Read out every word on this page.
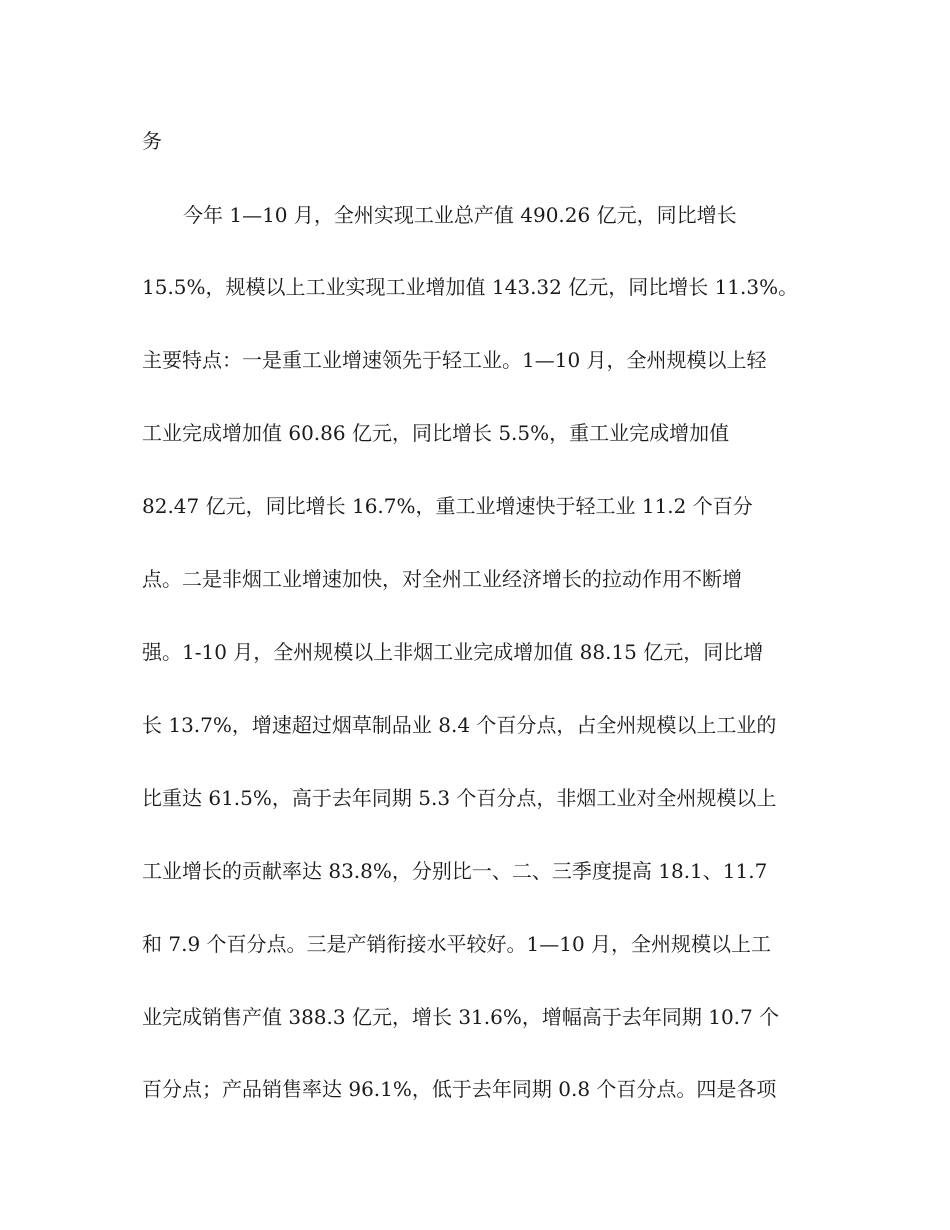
务
今年 1—10 月，全州实现工业总产值 490.26 亿元，同比增长
15.5%，规模以上工业实现工业增加值 143.32 亿元，同比增长 11.3%。
主要特点：一是重工业增速领先于轻工业。1—10 月，全州规模以上轻
工业完成增加值 60.86 亿元，同比增长 5.5%，重工业完成增加值
82.47 亿元，同比增长 16.7%，重工业增速快于轻工业 11.2 个百分
点。二是非烟工业增速加快，对全州工业经济增长的拉动作用不断增
强。1-10 月，全州规模以上非烟工业完成增加值 88.15 亿元，同比增
长 13.7%，增速超过烟草制品业 8.4 个百分点，占全州规模以上工业的
比重达 61.5%，高于去年同期 5.3 个百分点，非烟工业对全州规模以上
工业增长的贡献率达 83.8%，分别比一、二、三季度提高 18.1、11.7
和 7.9 个百分点。三是产销衔接水平较好。1—10 月，全州规模以上工
业完成销售产值 388.3 亿元，增长 31.6%，增幅高于去年同期 10.7 个
百分点；产品销售率达 96.1%，低于去年同期 0.8 个百分点。四是各项
